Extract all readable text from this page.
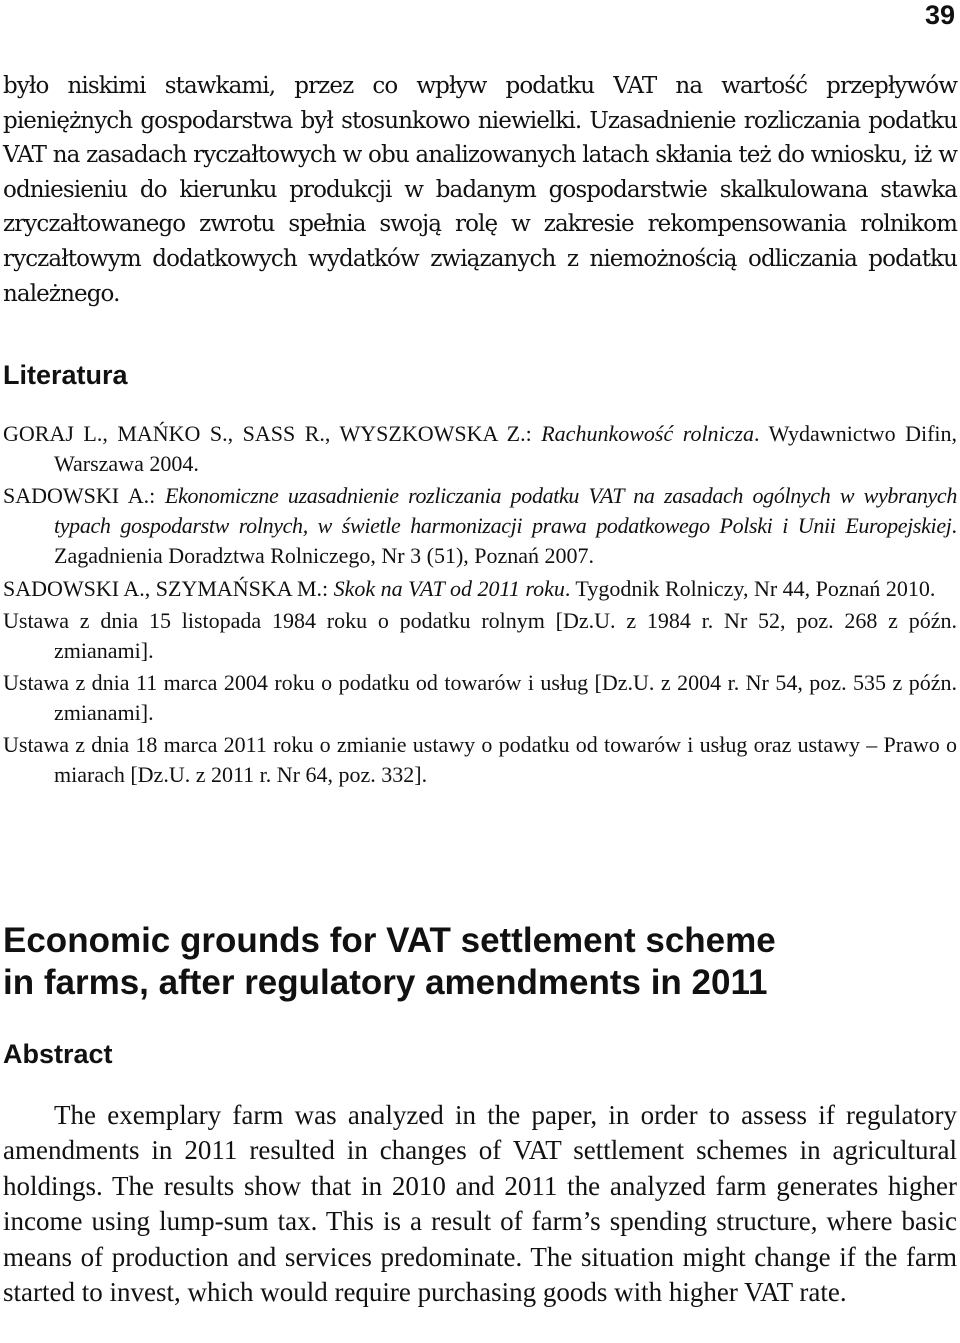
39

było niskimi stawkami, przez co wpływ podatku VAT na wartość przepływów pieniężnych gospodarstwa był stosunkowo niewielki. Uzasadnienie rozliczania podatku VAT na zasadach ryczałtowych w obu analizowanych latach skłania też do wniosku, iż w odniesieniu do kierunku produkcji w badanym gospodarstwie skalkulowana stawka zryczałtowanego zwrotu spełnia swoją rolę w zakresie rekompensowania rolnikom ryczałtowym dodatkowych wydatków związanych z niemożnością odliczania podatku należnego.

Literatura
GORAJ L., MAŃKO S., SASS R., WYSZKOWSKA Z.: Rachunkowość rolnicza. Wydawnictwo Difin, Warszawa 2004.
SADOWSKI A.: Ekonomiczne uzasadnienie rozliczania podatku VAT na zasadach ogólnych w wybranych typach gospodarstw rolnych, w świetle harmonizacji prawa podatkowego Polski i Unii Europejskiej. Zagadnienia Doradztwa Rolniczego, Nr 3 (51), Poznań 2007.
SADOWSKI A., SZYMAŃSKA M.: Skok na VAT od 2011 roku. Tygodnik Rolniczy, Nr 44, Poznań 2010.
Ustawa z dnia 15 listopada 1984 roku o podatku rolnym [Dz.U. z 1984 r. Nr 52, poz. 268 z późn. zmianami].
Ustawa z dnia 11 marca 2004 roku o podatku od towarów i usług [Dz.U. z 2004 r. Nr 54, poz. 535 z późn. zmianami].
Ustawa z dnia 18 marca 2011 roku o zmianie ustawy o podatku od towarów i usług oraz ustawy – Prawo o miarach [Dz.U. z 2011 r. Nr 64, poz. 332].
Economic grounds for VAT settlement scheme
in farms, after regulatory amendments in 2011
Abstract

The exemplary farm was analyzed in the paper, in order to assess if regulatory amendments in 2011 resulted in changes of VAT settlement schemes in agricultural holdings. The results show that in 2010 and 2011 the analyzed farm generates higher income using lump-sum tax. This is a result of farm’s spending structure, where basic means of production and services predominate. The situation might change if the farm started to invest, which would require purchasing goods with higher VAT rate.
